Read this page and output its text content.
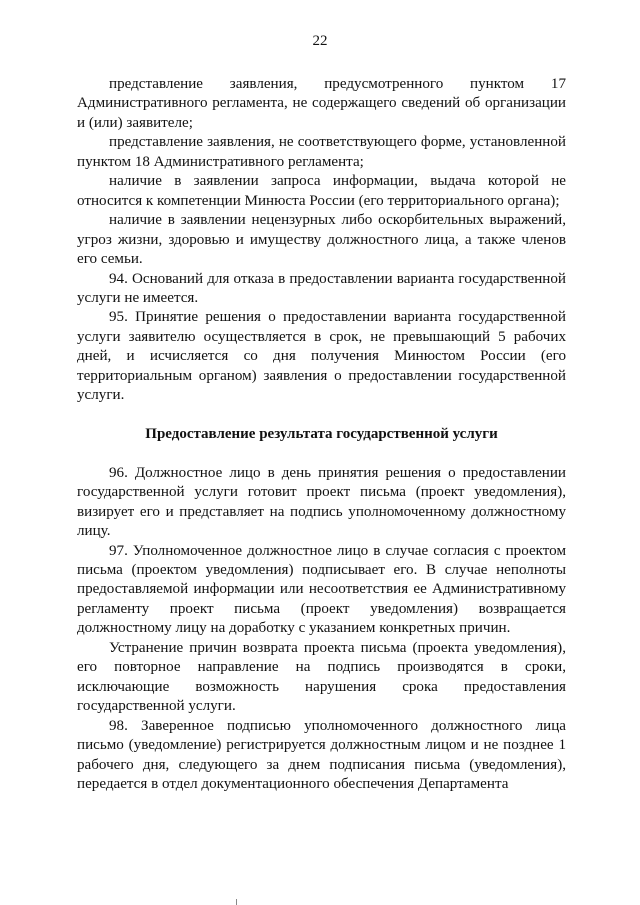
22

представление заявления, предусмотренного пунктом 17 Административного регламента, не содержащего сведений об организации и (или) заявителе;

представление заявления, не соответствующего форме, установленной пунктом 18 Административного регламента;

наличие в заявлении запроса информации, выдача которой не относится к компетенции Минюста России (его территориального органа);

наличие в заявлении нецензурных либо оскорбительных выражений, угроз жизни, здоровью и имуществу должностного лица, а также членов его семьи.

94. Оснований для отказа в предоставлении варианта государственной услуги не имеется.

95. Принятие решения о предоставлении варианта государственной услуги заявителю осуществляется в срок, не превышающий 5 рабочих дней, и исчисляется со дня получения Минюстом России (его территориальным органом) заявления о предоставлении государственной услуги.

Предоставление результата государственной услуги

96. Должностное лицо в день принятия решения о предоставлении государственной услуги готовит проект письма (проект уведомления), визирует его и представляет на подпись уполномоченному должностному лицу.

97. Уполномоченное должностное лицо в случае согласия с проектом письма (проектом уведомления) подписывает его. В случае неполноты предоставляемой информации или несоответствия ее Административному регламенту проект письма (проект уведомления) возвращается должностному лицу на доработку с указанием конкретных причин.

Устранение причин возврата проекта письма (проекта уведомления), его повторное направление на подпись производятся в сроки, исключающие возможность нарушения срока предоставления государственной услуги.

98. Заверенное подписью уполномоченного должностного лица письмо (уведомление) регистрируется должностным лицом и не позднее 1 рабочего дня, следующего за днем подписания письма (уведомления), передается в отдел документационного обеспечения Департамента
